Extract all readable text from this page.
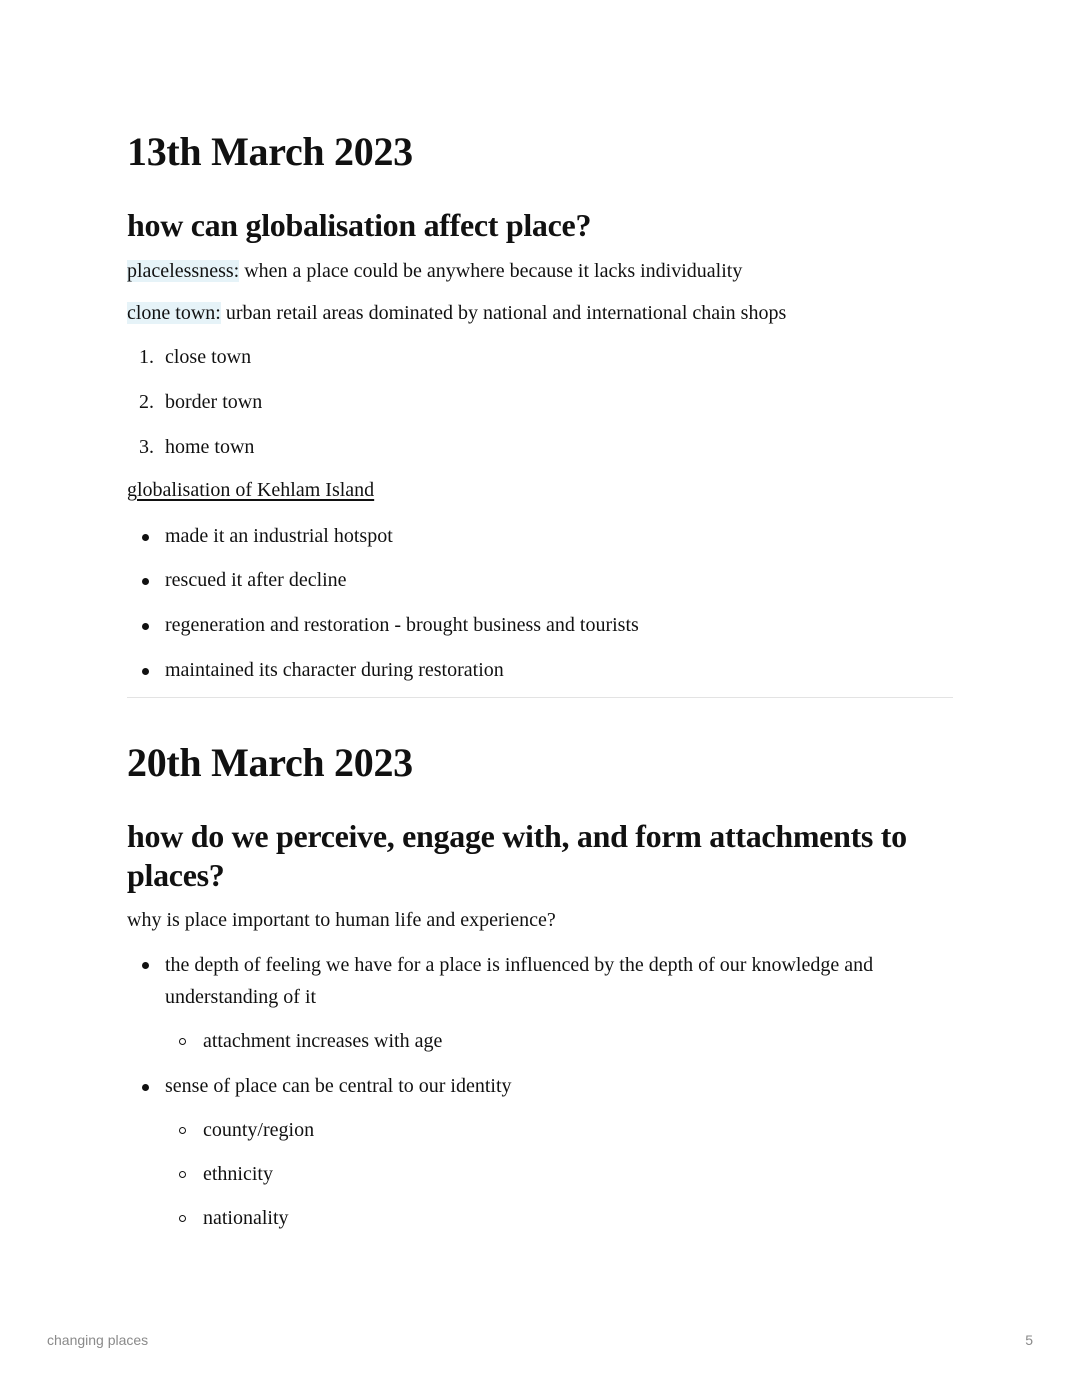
13th March 2023
how can globalisation affect place?

placelessness: when a place could be anywhere because it lacks individuality

clone town: urban retail areas dominated by national and international chain shops

1. close town
2. border town
3. home town

globalisation of Kehlam Island

made it an industrial hotspot
rescued it after decline
regeneration and restoration - brought business and tourists
maintained its character during restoration
20th March 2023
how do we perceive, engage with, and form attachments to places?

why is place important to human life and experience?

the depth of feeling we have for a place is influenced by the depth of our knowledge and understanding of it
attachment increases with age
sense of place can be central to our identity
county/region
ethnicity
nationality
changing places	5
